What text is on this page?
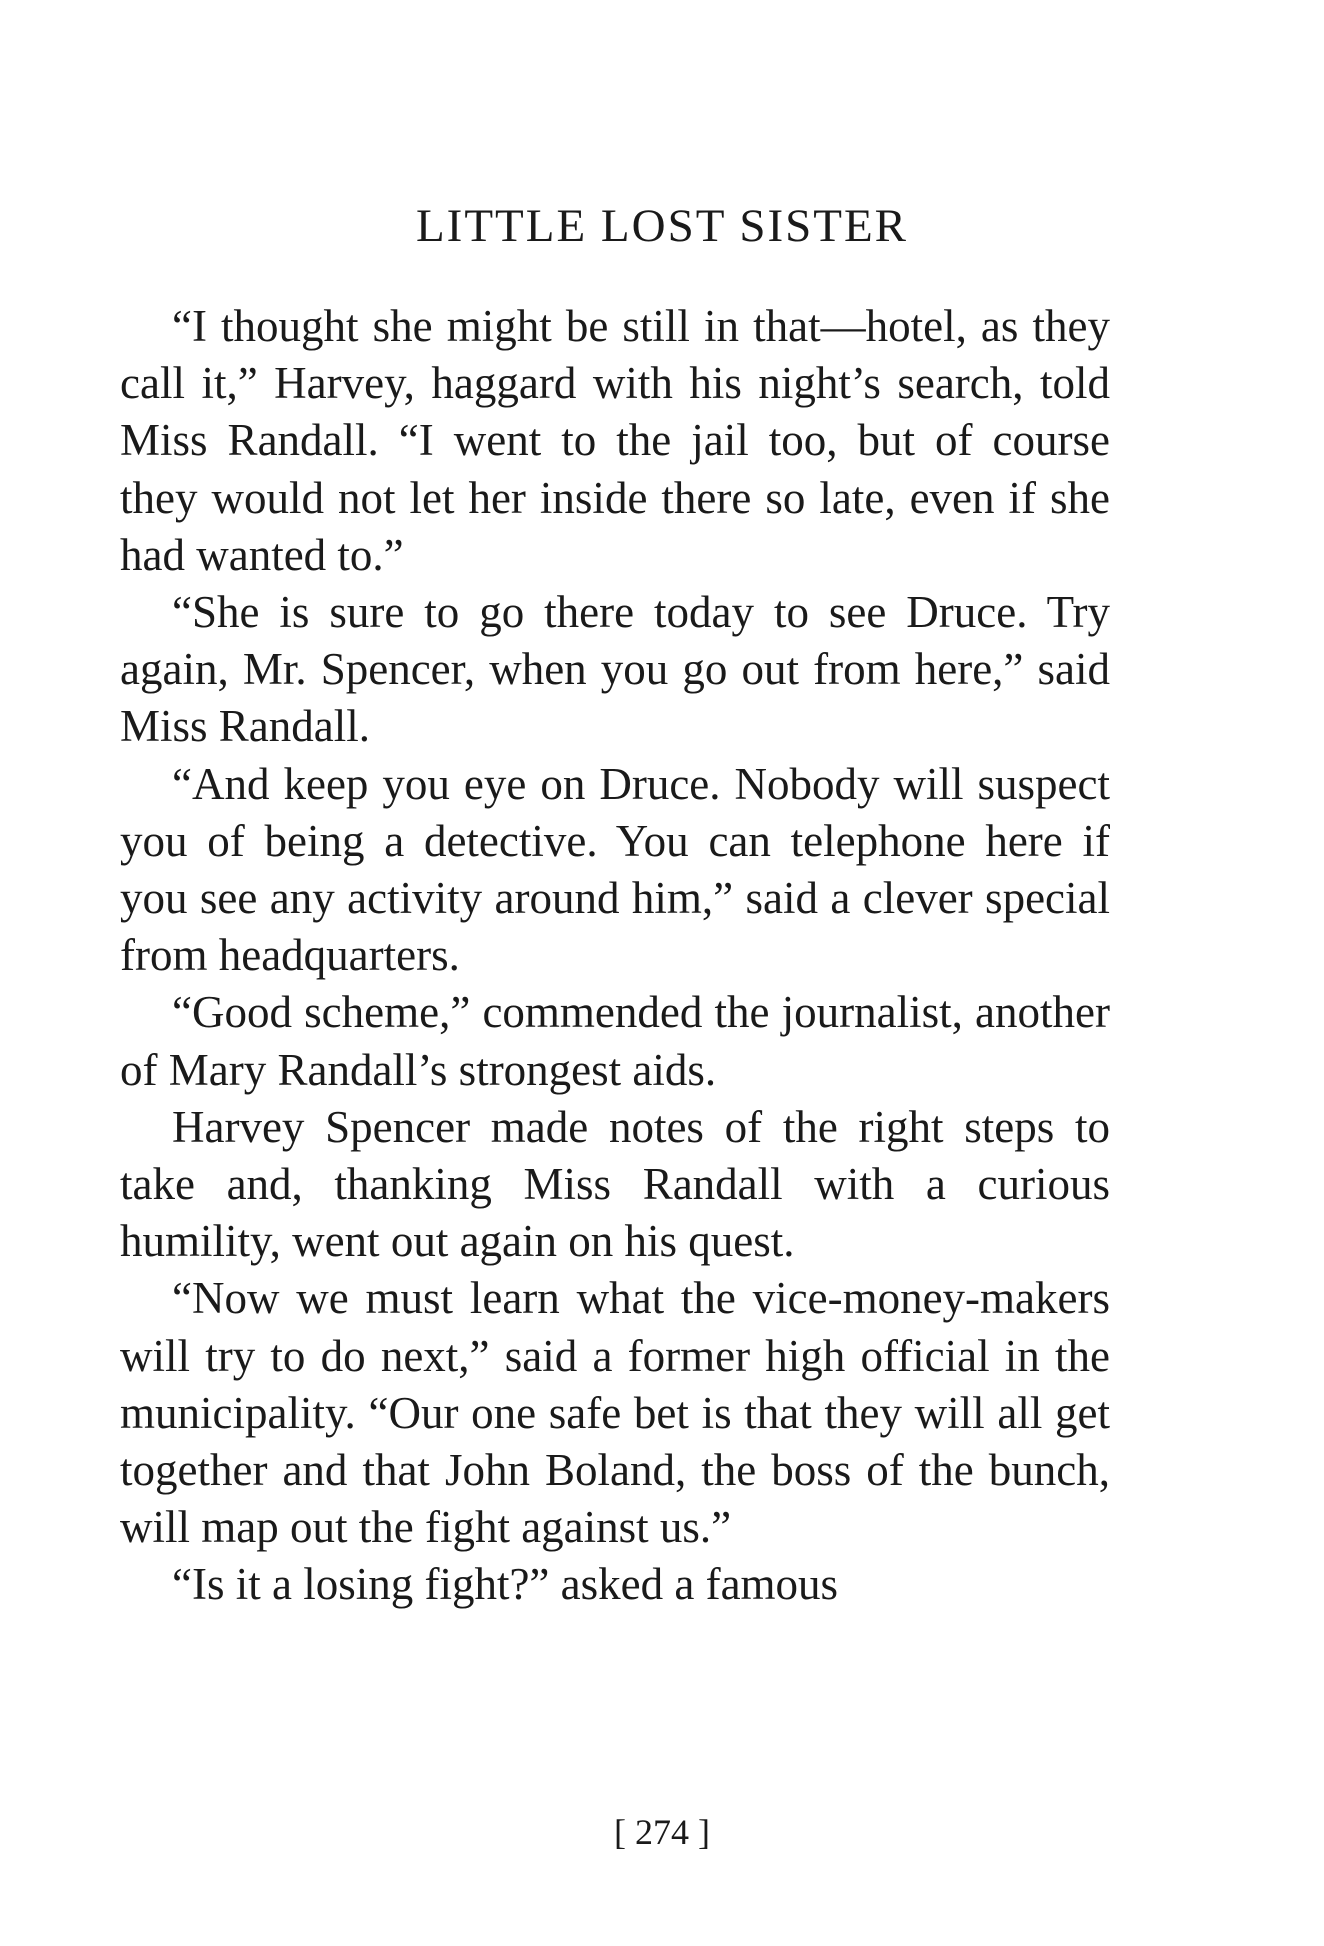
LITTLE LOST SISTER

“I thought she might be still in that—hotel, as they call it,” Harvey, haggard with his night’s search, told Miss Randall. “I went to the jail too, but of course they would not let her inside there so late, even if she had wanted to.”

“She is sure to go there today to see Druce. Try again, Mr. Spencer, when you go out from here,” said Miss Randall.

“And keep you eye on Druce. Nobody will suspect you of being a detective. You can telephone here if you see any activity around him,” said a clever special from headquarters.

“Good scheme,” commended the journalist, another of Mary Randall’s strongest aids.

Harvey Spencer made notes of the right steps to take and, thanking Miss Randall with a curious humility, went out again on his quest.

“Now we must learn what the vice-money-makers will try to do next,” said a former high official in the municipality. “Our one safe bet is that they will all get together and that John Boland, the boss of the bunch, will map out the fight against us.”

“Is it a losing fight?” asked a famous

[ 274 ]
